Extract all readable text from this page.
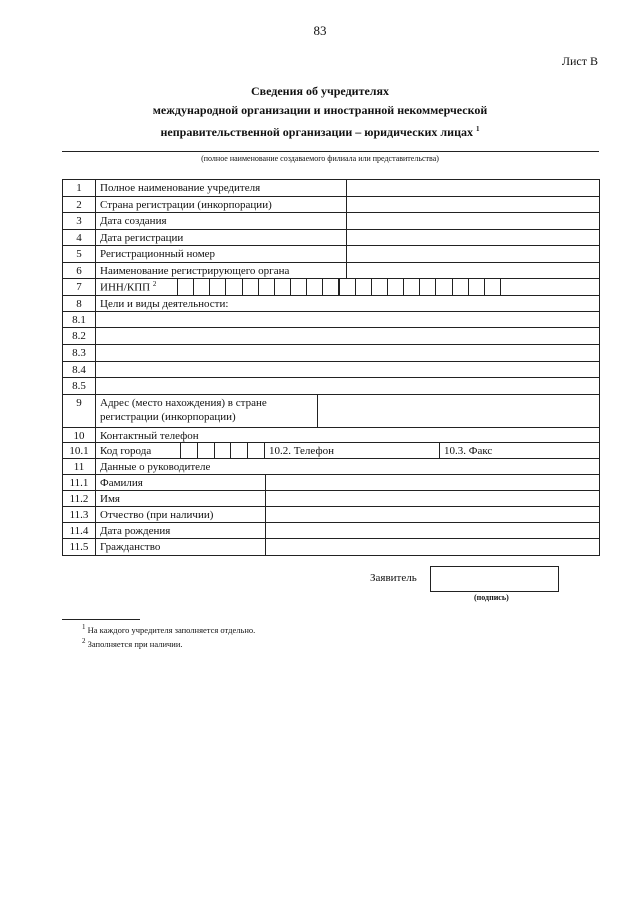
83
Лист В
Сведения об учредителях
международной организации и иностранной некоммерческой
неправительственной организации – юридических лицах $^1$
(полное наименование создаваемого филиала или представительства)
Заявитель
(подпись)
$^1$ На каждого учредителя заполняется отдельно.
$^2$ Заполняется при наличии.
1	Полное наименование учредителя
2	Страна регистрации (инкорпорации)
3	Дата создания
4	Дата регистрации
5	Регистрационный номер
6	Наименование регистрирующего органа
7	ИНН/КПП $^2$
8	Цели и виды деятельности:
8.1
8.2
8.3
8.4
8.5
9	Адрес (место нахождения) в стране регистрации (инкорпорации)
10	Контактный телефон
10.1	Код города	10.2. Телефон	10.3. Факс
11	Данные о руководителе
11.1	Фамилия
11.2	Имя
11.3	Отчество (при наличии)
11.4	Дата рождения
11.5	Гражданство
